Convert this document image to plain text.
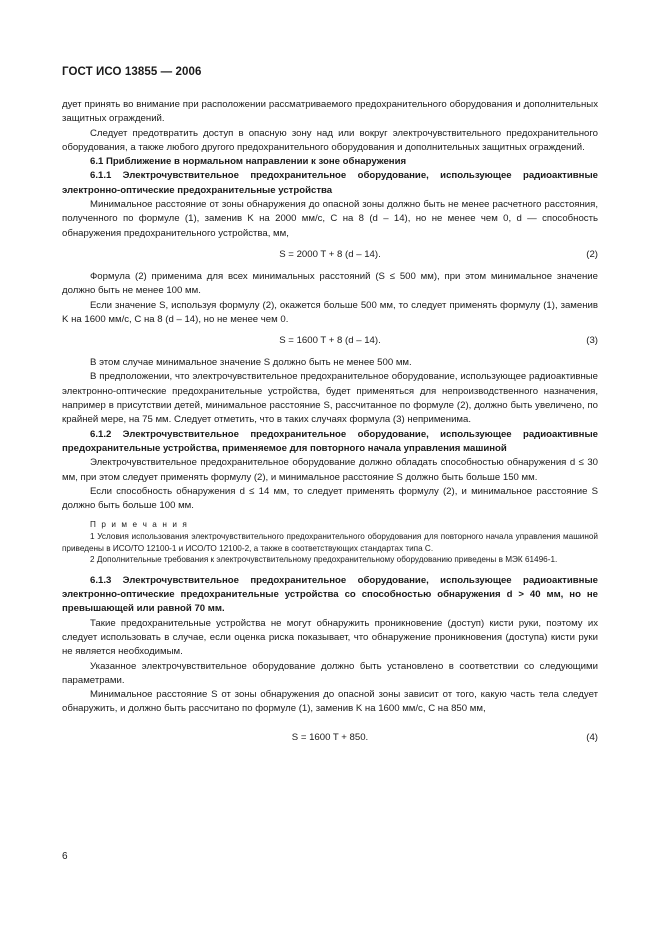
ГОСТ ИСО 13855 — 2006

дует принять во внимание при расположении рассматриваемого предохранительного оборудования и дополнительных защитных ограждений.

Следует предотвратить доступ в опасную зону над или вокруг электрочувствительного предохранительного оборудования, а также любого другого предохранительного оборудования и дополнительных защитных ограждений.

6.1 Приближение в нормальном направлении к зоне обнаружения

6.1.1 Электрочувствительное предохранительное оборудование, использующее радиоактивные электронно-оптические предохранительные устройства

Минимальное расстояние от зоны обнаружения до опасной зоны должно быть не менее расчетного расстояния, полученного по формуле (1), заменив K на 2000 мм/с, C на 8 (d – 14), но не менее чем 0, d — способность обнаружения предохранительного устройства, мм,

S = 2000 T + 8 (d – 14).	(2)

Формула (2) применима для всех минимальных расстояний (S ≤ 500 мм), при этом минимальное значение должно быть не менее 100 мм.

Если значение S, используя формулу (2), окажется больше 500 мм, то следует применять формулу (1), заменив K на 1600 мм/с, C на 8 (d – 14), но не менее чем 0.

S = 1600 T + 8 (d – 14).	(3)

В этом случае минимальное значение S должно быть не менее 500 мм.

В предположении, что электрочувствительное предохранительное оборудование, использующее радиоактивные электронно-оптические предохранительные устройства, будет применяться для непроизводственного назначения, например в присутствии детей, минимальное расстояние S, рассчитанное по формуле (2), должно быть увеличено, по крайней мере, на 75 мм. Следует отметить, что в таких случаях формула (3) неприменима.

6.1.2 Электрочувствительное предохранительное оборудование, использующее радиоактивные предохранительные устройства, применяемое для повторного начала управления машиной

Электрочувствительное предохранительное оборудование должно обладать способностью обнаружения d ≤ 30 мм, при этом следует применять формулу (2), и минимальное расстояние S должно быть больше 150 мм.

Если способность обнаружения d ≤ 14 мм, то следует применять формулу (2), и минимальное расстояние S должно быть больше 100 мм.

П р и м е ч а н и я

1 Условия использования электрочувствительного предохранительного оборудования для повторного начала управления машиной приведены в ИСО/ТО 12100-1 и ИСО/ТО 12100-2, а также в соответствующих стандартах типа C.

2 Дополнительные требования к электрочувствительному предохранительному оборудованию приведены в МЭК 61496-1.

6.1.3 Электрочувствительное предохранительное оборудование, использующее радиоактивные электронно-оптические предохранительные устройства со способностью обнаружения d > 40 мм, но не превышающей или равной 70 мм.

Такие предохранительные устройства не могут обнаружить проникновение (доступ) кисти руки, поэтому их следует использовать в случае, если оценка риска показывает, что обнаружение проникновения (доступа) кисти руки не является необходимым.

Указанное электрочувствительное оборудование должно быть установлено в соответствии со следующими параметрами.

Минимальное расстояние S от зоны обнаружения до опасной зоны зависит от того, какую часть тела следует обнаружить, и должно быть рассчитано по формуле (1), заменив K на 1600 мм/с, C на 850 мм,

S = 1600 T + 850.	(4)
6
